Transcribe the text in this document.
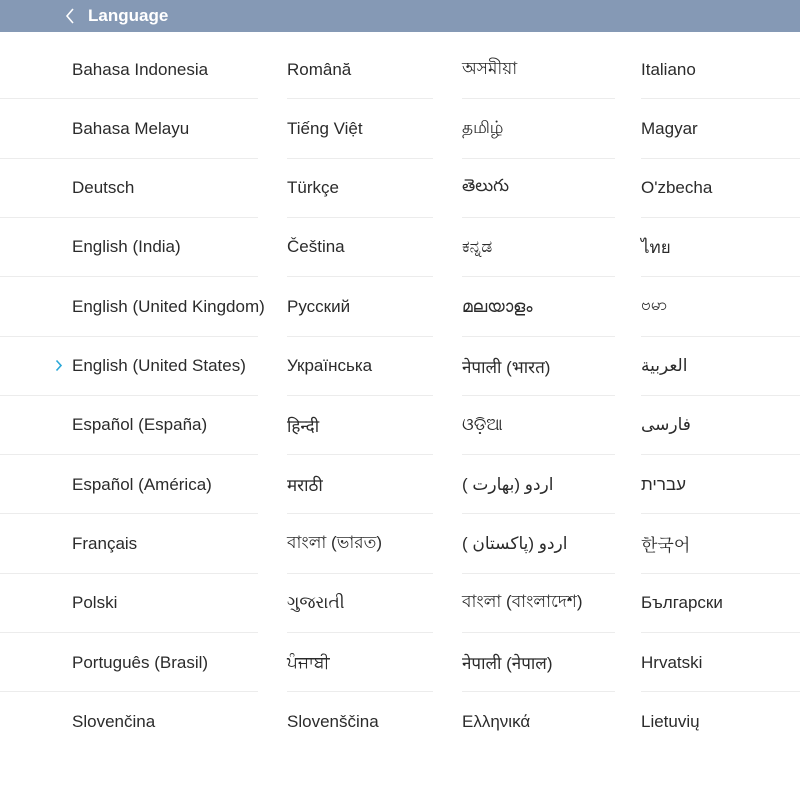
Language
Bahasa Indonesia
Bahasa Melayu
Deutsch
English (India)
English (United Kingdom)
English (United States)
Español (España)
Español (América)
Français
Polski
Português (Brasil)
Slovenčina
Română
Tiếng Việt
Türkçe
Čeština
Русский
Українська
हिन्दी
मराठी
বাংলা (ভারত)
ગુજરાતી
ਪੰਜਾਬੀ
Slovenščina
অসমীয়া
தமிழ்
తెలుగు
ಕನ್ನಡ
മലയാളം
नेपाली (भारत)
ଓଡ଼ିଆ
( اردو (بھارت
( اردو (پاکستان
বাংলা (বাংলাদেশ)
नेपाली (नेपाल)
Ελληνικά
Italiano
Magyar
O'zbecha
ไทย
ဗမာ
العربية
فارسی
עברית
한국어
Български
Hrvatski
Lietuvių
